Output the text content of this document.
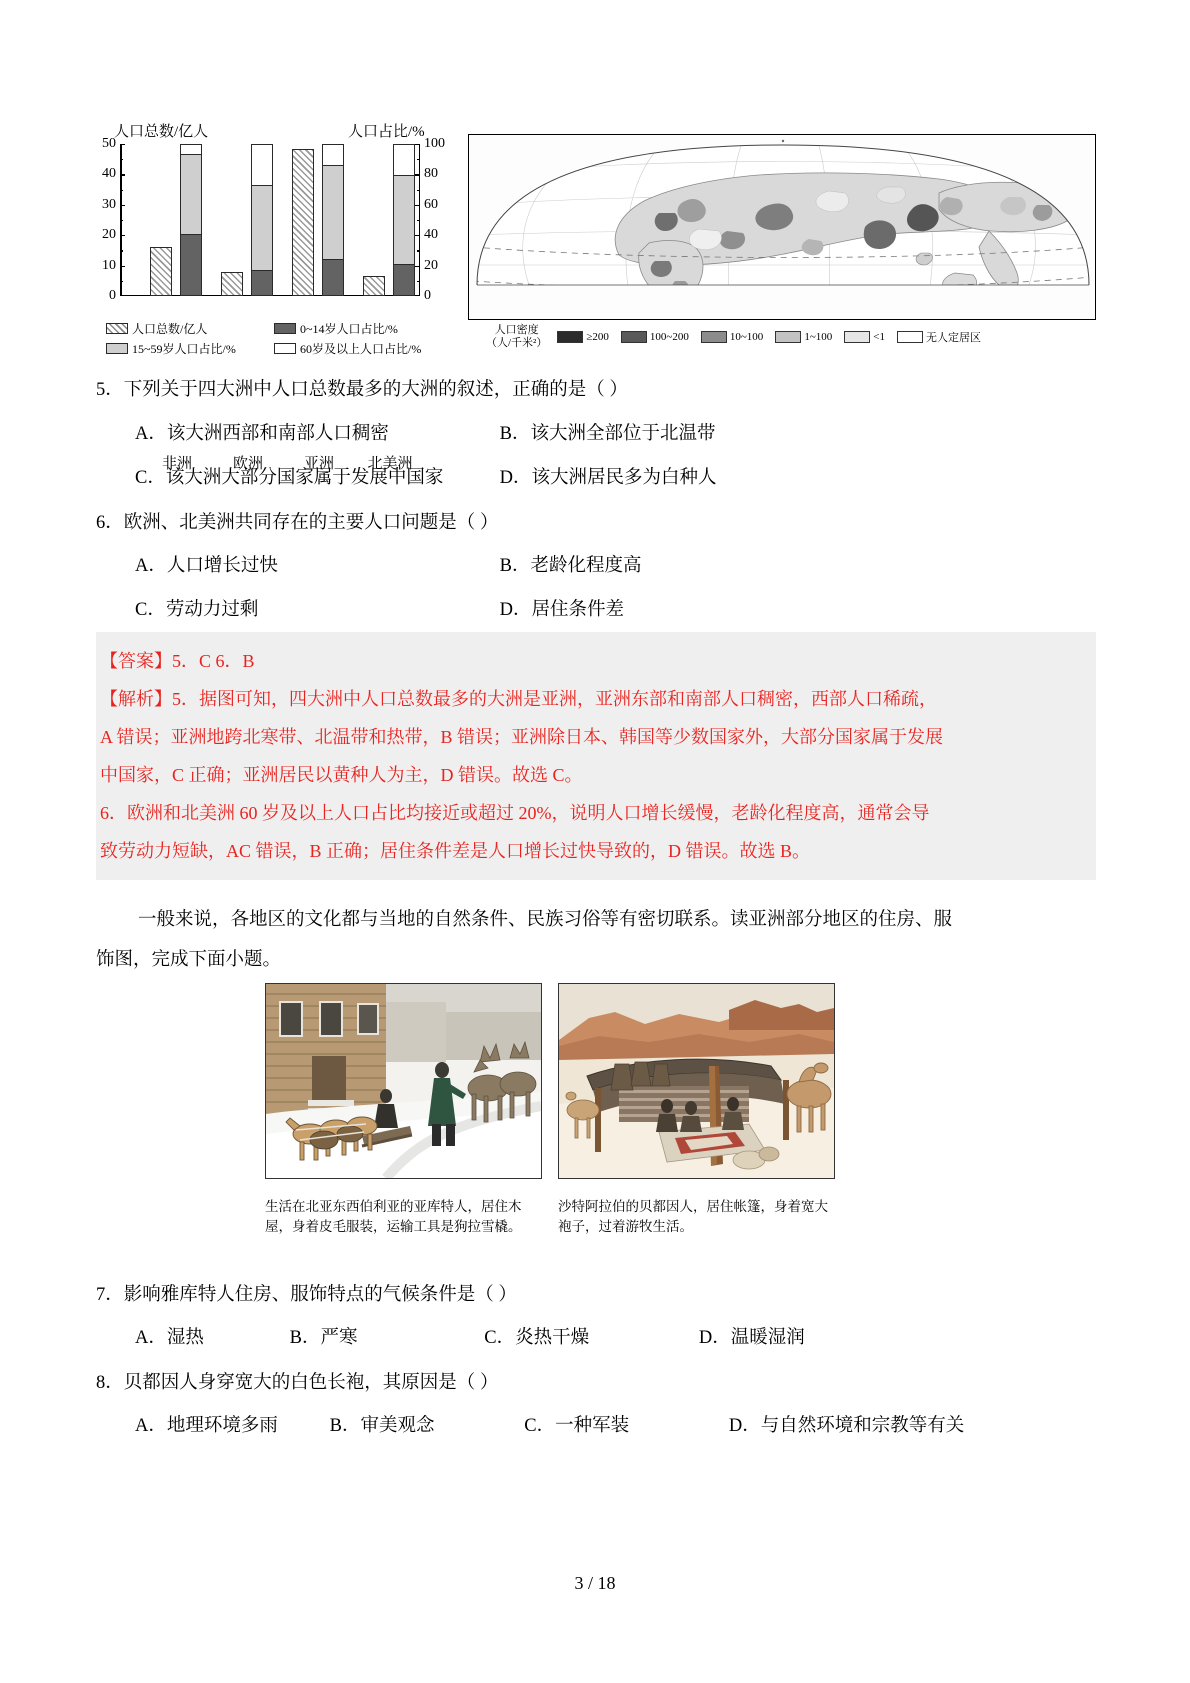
人口总数/亿人	人口占比/%
50
40
30
20
10
0
100
80
60
40
20
0
非洲	欧洲	亚洲	北美洲
人口总数/亿人	0~14岁人口占比/%
15~59岁人口占比/%	60岁及以上人口占比/%
人口密度
（人/千米²）	≥200	100~200	10~100	1~100	<1	无人定居区
5．下列关于四大洲中人口总数最多的大洲的叙述，正确的是（ ）
A．该大洲西部和南部人口稠密	B．该大洲全部位于北温带
C．该大洲大部分国家属于发展中国家	D．该大洲居民多为白种人
6．欧洲、北美洲共同存在的主要人口问题是（ ）
A．人口增长过快	B．老龄化程度高
C．劳动力过剩	D．居住条件差
【答案】5．C 6．B
【解析】5．据图可知，四大洲中人口总数最多的大洲是亚洲，亚洲东部和南部人口稠密，西部人口稀疏，
A 错误；亚洲地跨北寒带、北温带和热带，B 错误；亚洲除日本、韩国等少数国家外，大部分国家属于发展
中国家，C 正确；亚洲居民以黄种人为主，D 错误。故选 C。
6．欧洲和北美洲 60 岁及以上人口占比均接近或超过 20%，说明人口增长缓慢，老龄化程度高，通常会导
致劳动力短缺，AC 错误，B 正确；居住条件差是人口增长过快导致的，D 错误。故选 B。
一般来说，各地区的文化都与当地的自然条件、民族习俗等有密切联系。读亚洲部分地区的住房、服
饰图，完成下面小题。
生活在北亚东西伯利亚的亚库特人，居住木屋，身着皮毛服装，运输工具是狗拉雪橇。
沙特阿拉伯的贝都因人，居住帐篷，身着宽大袍子，过着游牧生活。
7．影响雅库特人住房、服饰特点的气候条件是（ ）
A．湿热	B．严寒	C．炎热干燥	D．温暖湿润
8．贝都因人身穿宽大的白色长袍，其原因是（ ）
A．地理环境多雨	B．审美观念	C．一种军装	D．与自然环境和宗教等有关
3 / 18
